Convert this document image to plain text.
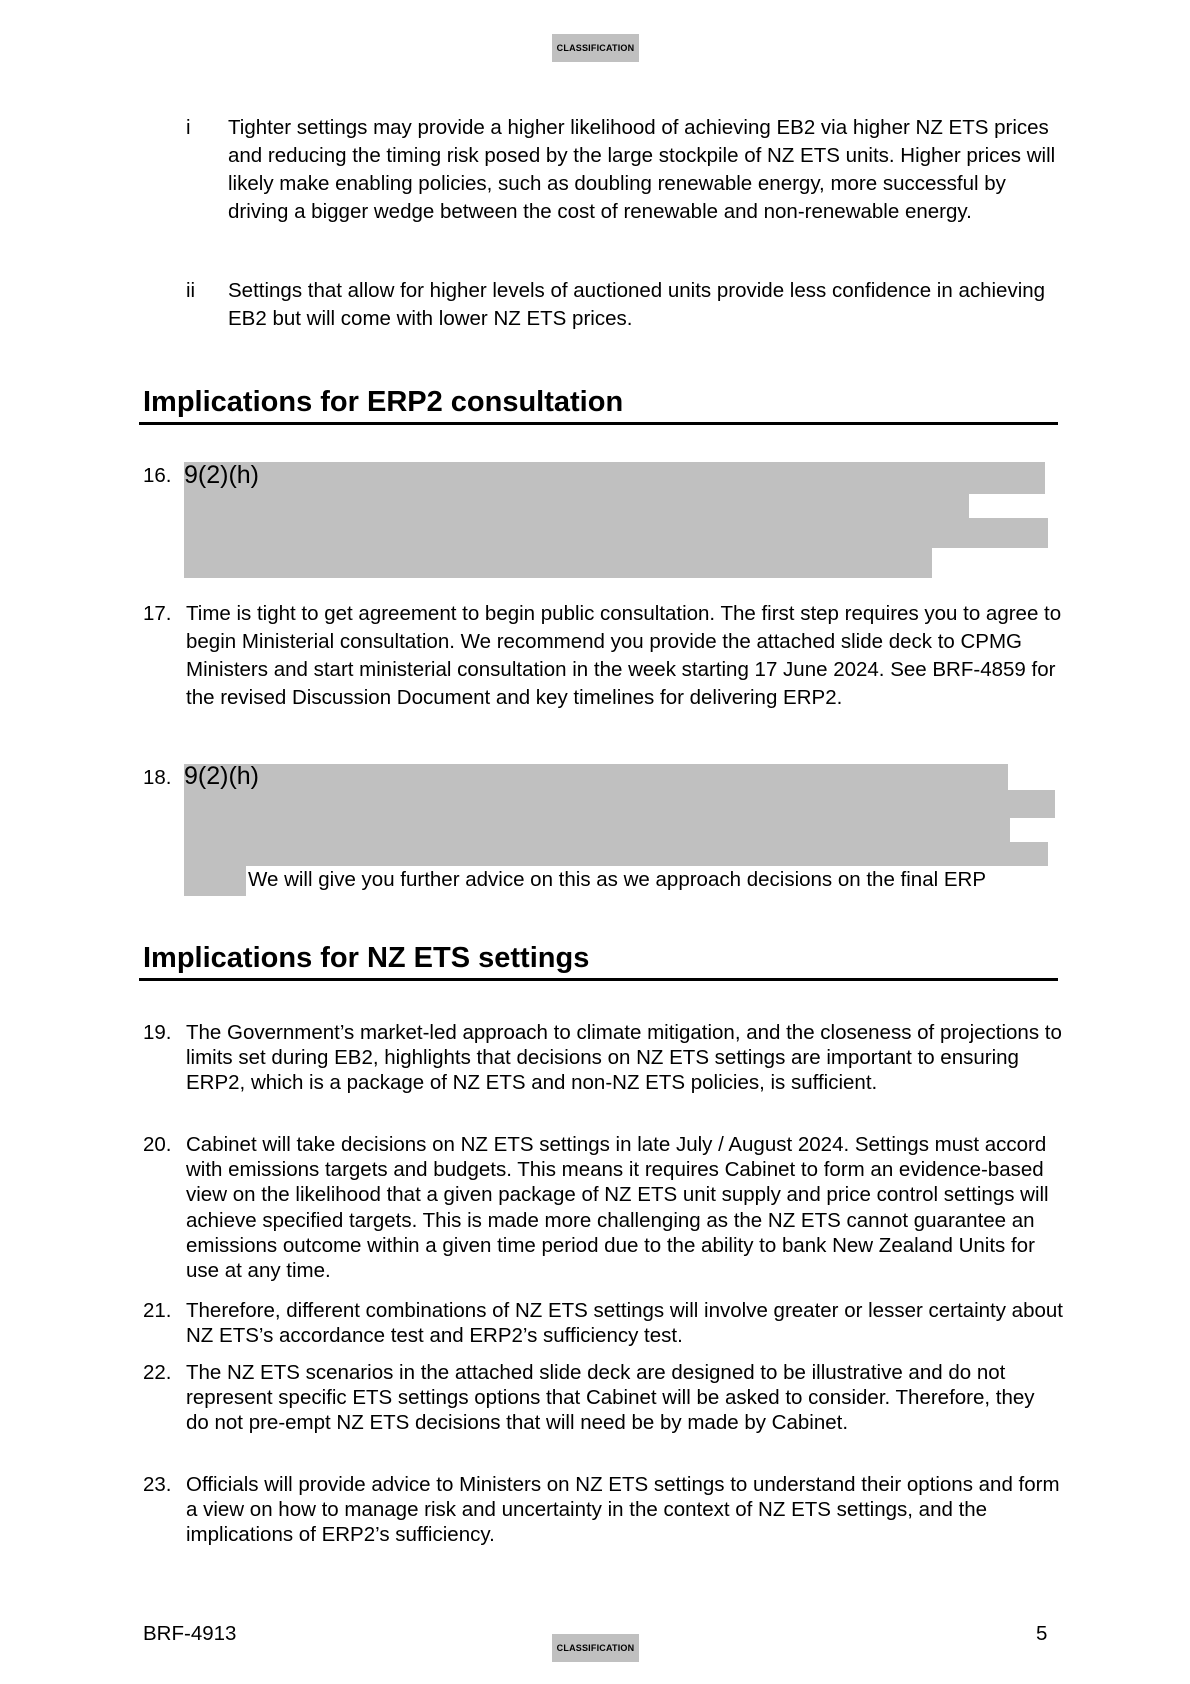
CLASSIFICATION
i Tighter settings may provide a higher likelihood of achieving EB2 via higher NZ ETS prices and reducing the timing risk posed by the large stockpile of NZ ETS units. Higher prices will likely make enabling policies, such as doubling renewable energy, more successful by driving a bigger wedge between the cost of renewable and non-renewable energy.
ii Settings that allow for higher levels of auctioned units provide less confidence in achieving EB2 but will come with lower NZ ETS prices.
Implications for ERP2 consultation
16. 9(2)(h)
17. Time is tight to get agreement to begin public consultation. The first step requires you to agree to begin Ministerial consultation. We recommend you provide the attached slide deck to CPMG Ministers and start ministerial consultation in the week starting 17 June 2024. See BRF-4859 for the revised Discussion Document and key timelines for delivering ERP2.
18. 9(2)(h)
We will give you further advice on this as we approach decisions on the final ERP
Implications for NZ ETS settings
19. The Government’s market-led approach to climate mitigation, and the closeness of projections to limits set during EB2, highlights that decisions on NZ ETS settings are important to ensuring ERP2, which is a package of NZ ETS and non-NZ ETS policies, is sufficient.
20. Cabinet will take decisions on NZ ETS settings in late July / August 2024. Settings must accord with emissions targets and budgets. This means it requires Cabinet to form an evidence-based view on the likelihood that a given package of NZ ETS unit supply and price control settings will achieve specified targets. This is made more challenging as the NZ ETS cannot guarantee an emissions outcome within a given time period due to the ability to bank New Zealand Units for use at any time.
21. Therefore, different combinations of NZ ETS settings will involve greater or lesser certainty about NZ ETS’s accordance test and ERP2’s sufficiency test.
22. The NZ ETS scenarios in the attached slide deck are designed to be illustrative and do not represent specific ETS settings options that Cabinet will be asked to consider. Therefore, they do not pre-empt NZ ETS decisions that will need be by made by Cabinet.
23. Officials will provide advice to Ministers on NZ ETS settings to understand their options and form a view on how to manage risk and uncertainty in the context of NZ ETS settings, and the implications of ERP2’s sufficiency.
BRF-4913
CLASSIFICATION
5
